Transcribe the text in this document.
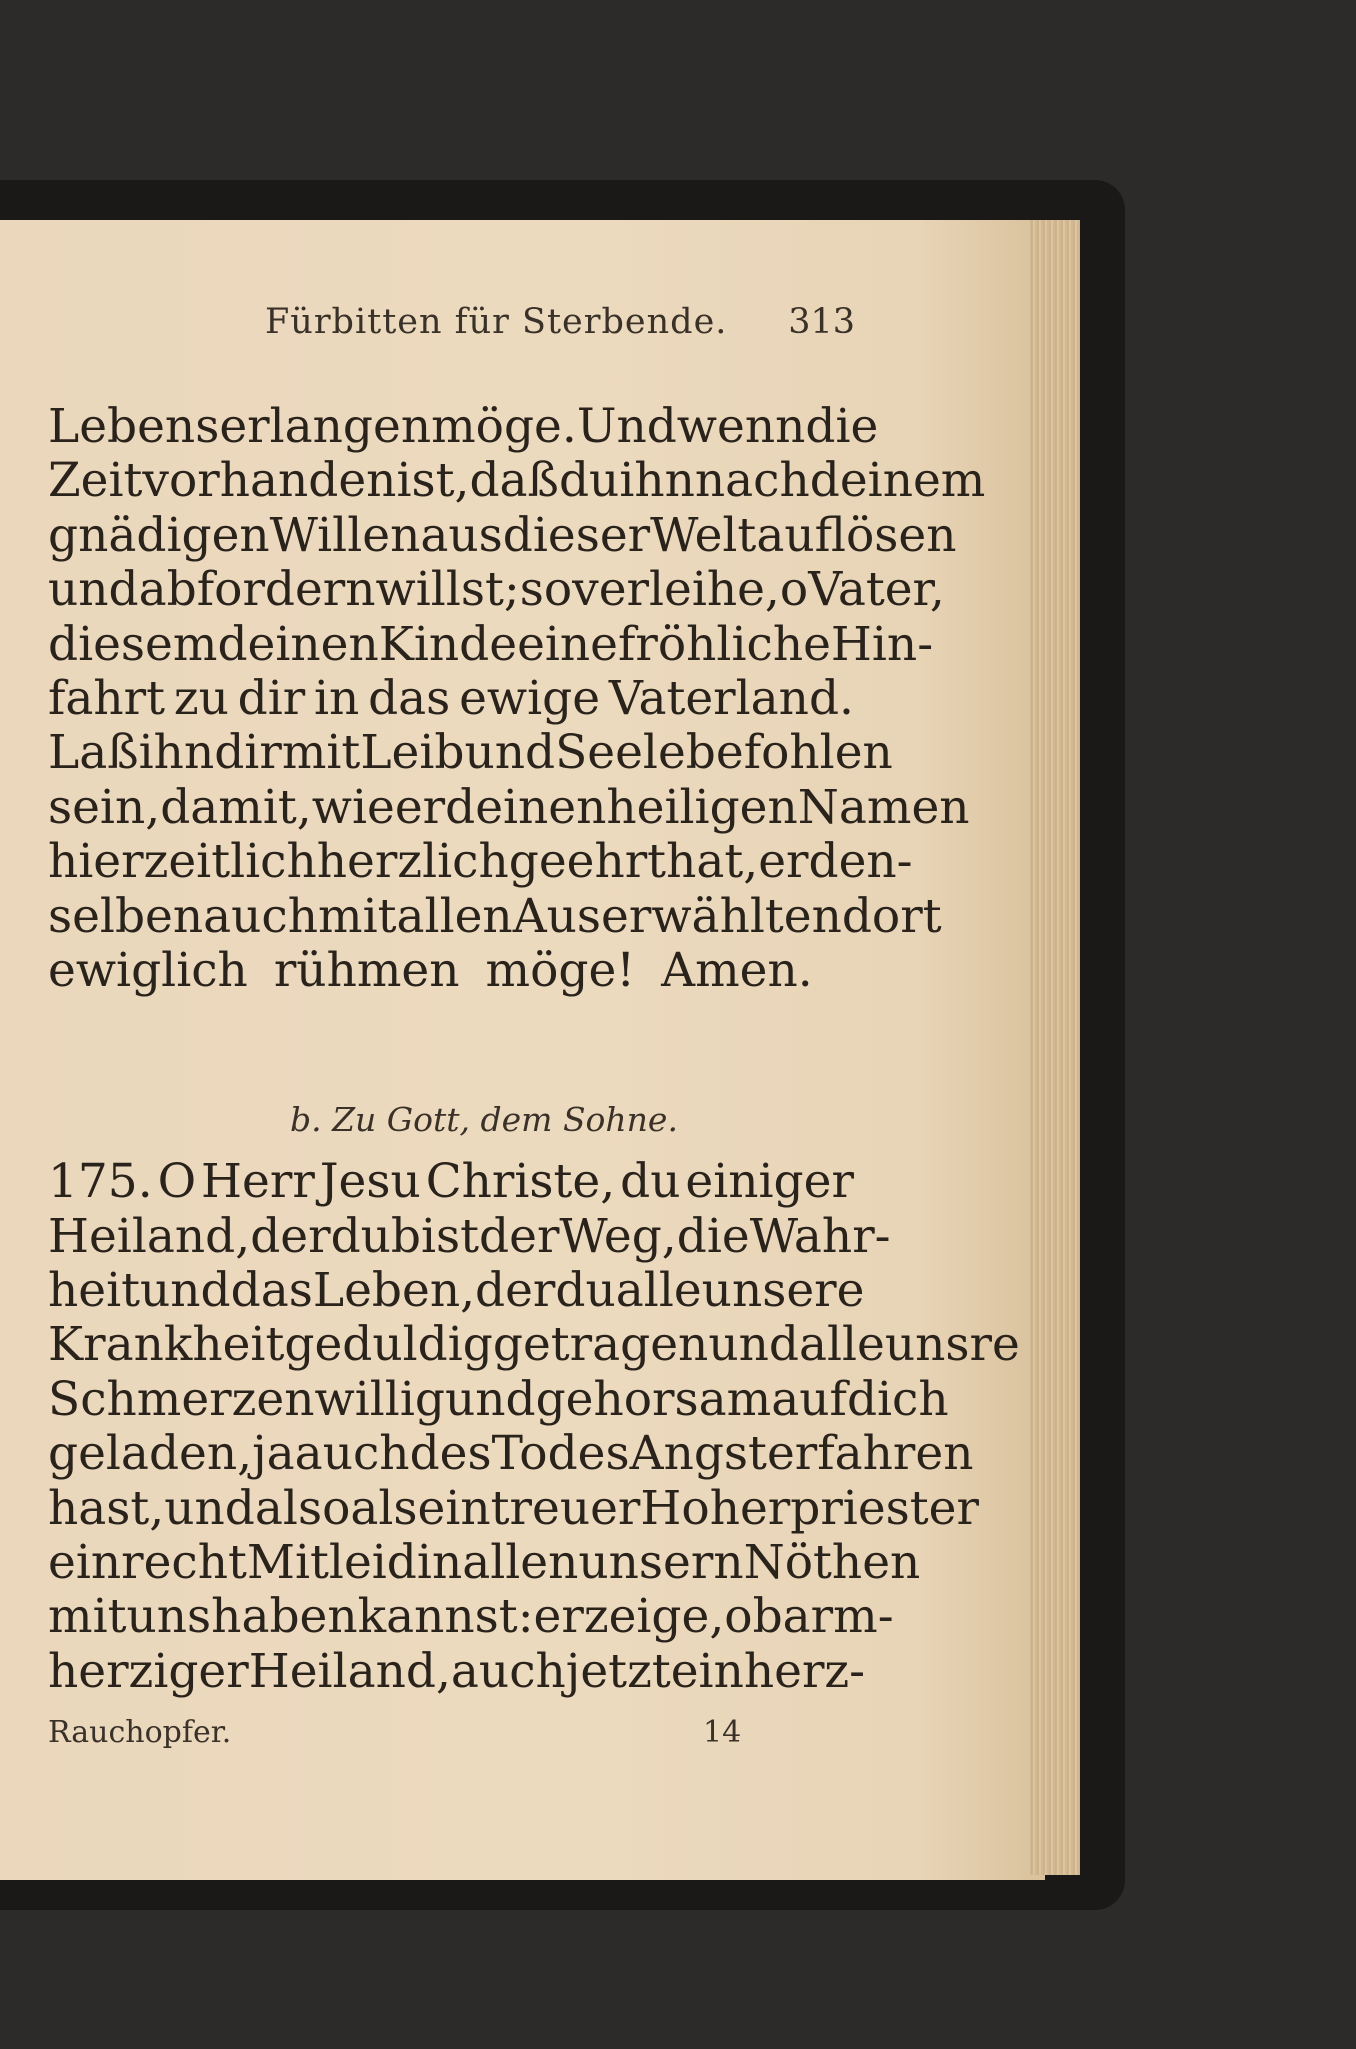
Fürbitten für Sterbende. 313
Lebens erlangen möge. Und wenn die
Zeit vorhanden ist, daß du ihn nach deinem
gnädigen Willen aus dieser Welt auflösen
und abfordern willst; so verleihe, o Vater,
diesem deinen Kinde eine fröhliche Hin-
fahrt zu dir in das ewige Vaterland.
Laß ihn dir mit Leib und Seele befohlen
sein, damit, wie er deinen heiligen Namen
hier zeitlich herzlich geehrt hat, er den-
selben auch mit allen Auserwählten dort
ewiglich rühmen möge! Amen.
175. O Herr Jesu Christe, du einiger
Heiland, der du bist der Weg, die Wahr-
heit und das Leben, der du alle unsere
Krankheit geduldig getragen und alle unsre
Schmerzen willig und gehorsam auf dich
geladen, ja auch des Todes Angst erfahren
hast, und also als ein treuer Hoherpriester
ein recht Mitleid in allen unsern Nöthen
mit uns haben kannst: erzeige, o barm-
herziger Heiland, auch jetzt ein herz-
b. Zu Gott, dem Sohne.
Rauchopfer.	14
